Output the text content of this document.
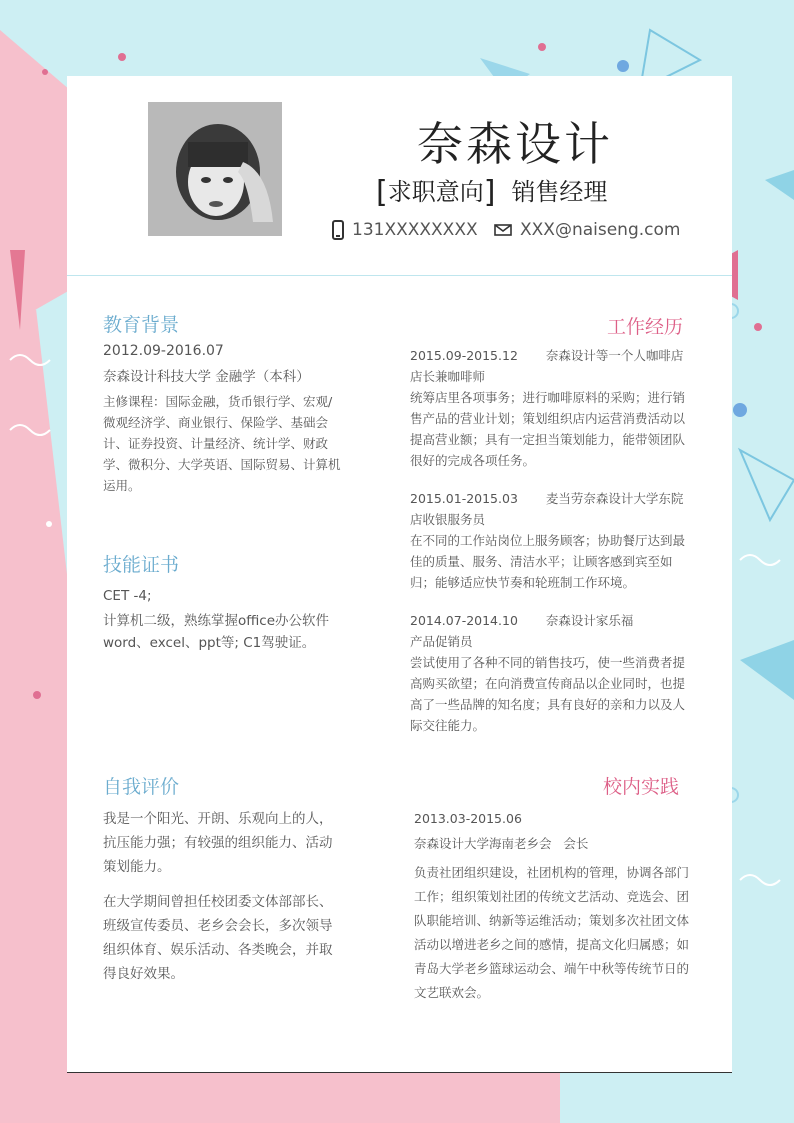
奈森设计
[求职意向] 销售经理
131XXXXXXXX	XXX@naiseng.com
教育背景
2012.09-2016.07
奈森设计科技大学 金融学（本科）
主修课程：国际金融，货币银行学、宏观/微观经济学、商业银行、保险学、基础会计、证券投资、计量经济、统计学、财政学、微积分、大学英语、国际贸易、计算机运用。
技能证书
CET -4;
计算机二级，熟练掌握office办公软件word、excel、ppt等; C1驾驶证。
自我评价
我是一个阳光、开朗、乐观向上的人，抗压能力强；有较强的组织能力、活动策划能力。
在大学期间曾担任校团委文体部部长、班级宣传委员、老乡会会长，多次领导组织体育、娱乐活动、各类晚会，并取得良好效果。
工作经历
2015.09-2015.12 奈森设计等一个人咖啡店店长兼咖啡师
统筹店里各项事务；进行咖啡原料的采购；进行销售产品的营业计划；策划组织店内运营消费活动以提高营业额；具有一定担当策划能力，能带领团队很好的完成各项任务。
2015.01-2015.03 麦当劳奈森设计大学东院店收银服务员
在不同的工作站岗位上服务顾客；协助餐厅达到最佳的质量、服务、清洁水平；让顾客感到宾至如归；能够适应快节奏和轮班制工作环境。
2014.07-2014.10 奈森设计家乐福
产品促销员
尝试使用了各种不同的销售技巧，使一些消费者提高购买欲望；在向消费宣传商品以企业同时，也提高了一些品牌的知名度；具有良好的亲和力以及人际交往能力。
校内实践
2013.03-2015.06
奈森设计大学海南老乡会   会长
负责社团组织建设，社团机构的管理，协调各部门工作；组织策划社团的传统文艺活动、竞选会、团队职能培训、纳新等运维活动；策划多次社团文体活动以增进老乡之间的感情，提高文化归属感；如青岛大学老乡篮球运动会、端午中秋等传统节日的文艺联欢会。
